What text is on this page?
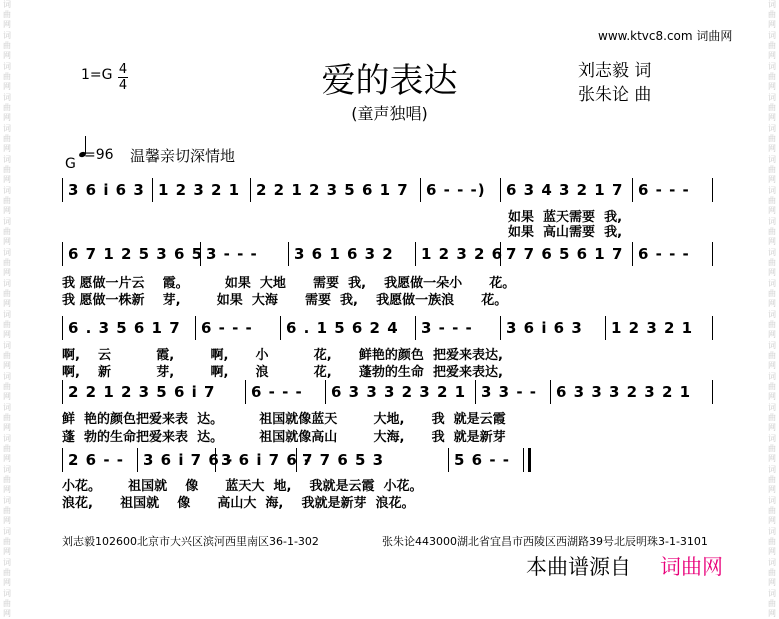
词曲网
词曲网
词曲网
词曲网
词曲网
词曲网
词曲网
词曲网
词曲网
词曲网
词曲网
词曲网
词曲网
词曲网
词曲网
词曲网
词曲网
词曲网
词曲网
词曲网
词曲网
词曲网
词曲网
词曲网
词曲网
词曲网
词曲网
词曲网
词曲网
词曲网
词曲网
词曲网
词曲网
词曲网
词曲网
词曲网
词曲网
词曲网
词曲网
词曲网
www.ktvc8.com 词曲网
1=G 4
4	爱的表达
(童声独唱)
刘志毅 词
张朱论 曲
=96
G	温馨亲切深情地
3 6 i 6 3 1 2 3 2 1 2 2 1 2 3 5 6 1 7 6 - - -) 6 3 4 3 2 1 7 6 - - -
如果  蓝天需要  我,
如果  高山需要  我,
6 7 1 2 5 3 6 5 3 - - - 3 6 1 6 3 2 1 2 3 2 6 7 7 6 5 6 1 7 6 - - -
我 愿做一片云    霞。        如果  大地      需要  我,    我愿做一朵小      花。
我 愿做一株新    芽,        如果  大海      需要  我,    我愿做一族浪      花。
6 . 3 5 6 1 7 6 - - - 6 . 1 5 6 2 4 3 - - - 3 6 i 6 3 1 2 3 2 1
啊,    云          霞,        啊,      小          花,      鲜艳的颜色  把爱来表达,
啊,    新          芽,        啊,      浪          花,      蓬勃的生命  把爱来表达,
2 2 1 2 3 5 6 i 7 6 - - - 6 3 3 3 2 3 2 1 3 3 - - 6 3 3 3 2 3 2 1
鲜  艳的颜色把爱来表  达。        祖国就像蓝天        大地,      我  就是云霞
蓬  勃的生命把爱来表  达。        祖国就像高山        大海,      我  就是新芽
2 6 - - 3 6 i 7 6 -
3 6 i 7 6 -
7 7 6 5 3	5 6 - -
小花。      祖国就    像      蓝天大  地,    我就是云霞  小花。
浪花,      祖国就    像      高山大  海,    我就是新芽  浪花。
刘志毅102600北京市大兴区滨河西里南区36-1-302	张朱论443000湖北省宜昌市西陵区西湖路39号北辰明珠3-1-3101
本曲谱源自 词曲网
